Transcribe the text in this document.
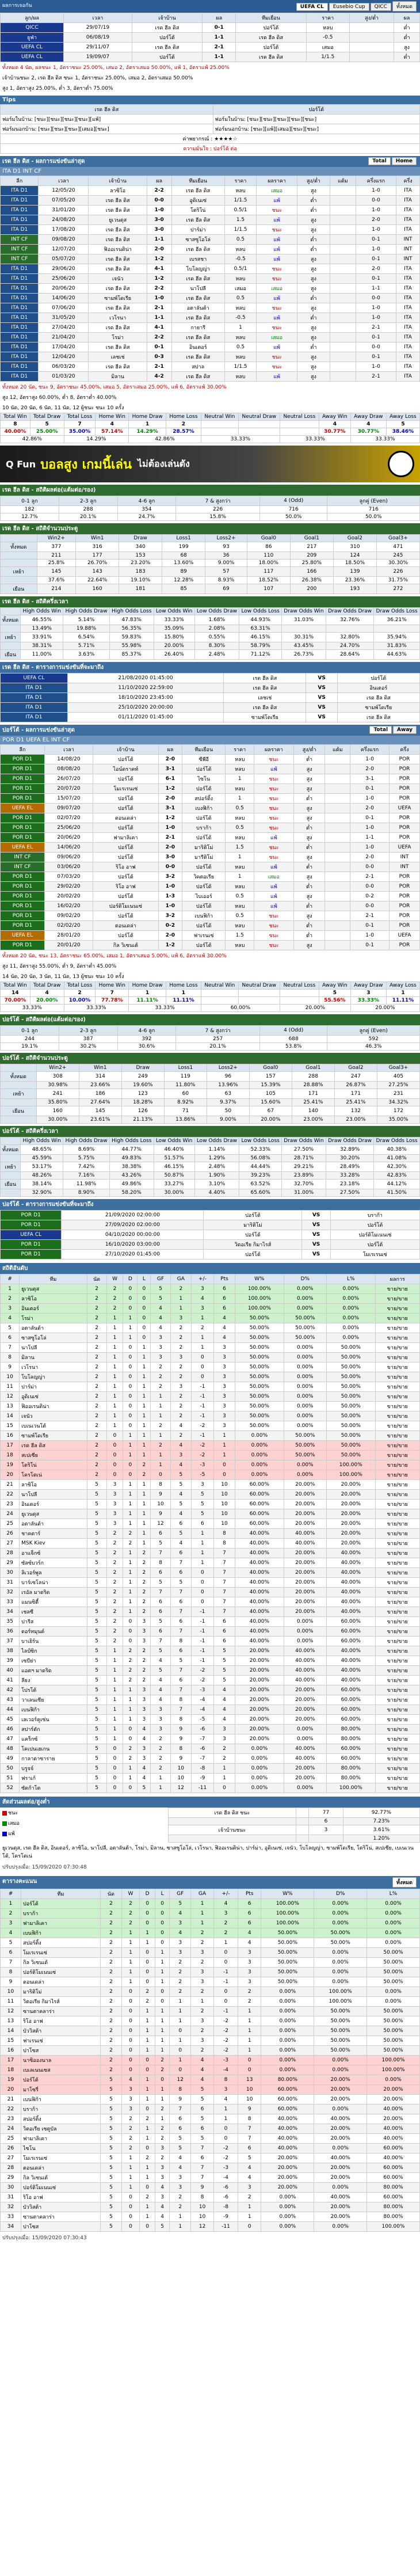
ผลการเจอกัน	UEFA CL Eusebio Cup QICC ทั้งหมด
ลูก/ผล	เวลา	เจ้าบ้าน	ผล	ทีมเยือน	ราคา	สูง/ต่ำ	ผล
QICC	29/07/19	เรด ฮีล ดิส	0-1	ปอร์โต้	หลบ		ต่ำ
ยูฟ่า	06/08/19	ปอร์โต้	1-1	เรด ฮีล ดิส	-0.5		ต่ำ
UEFA CL	29/11/07	เรด ฮีล ดิส	2-1	ปอร์โต้	เสมอ		สูง
UEFA CL	19/09/07	ปอร์โต้	1-1	เรด ฮีล ดิส	1/1.5		ต่ำ
ทั้งหมด 4 นัด, ผลชนะ 1, อัตราชนะ 25.00%, เสมอ 2, อัตราเสมอ 50.00%, แพ้ 1, อัตราแพ้ 25.00%
เจ้าบ้านชนะ 2, เรด ฮีล ดิส ชนะ 1, อัตราชนะ 25.00%, เสมอ 2, อัตราเสมอ 50.00%
สูง 1, อัตราสูง 25.00%, ต่ำ 3, อัตราต่ำ 75.00%
Tips
เรด ฮีล ดิส	ปอร์โต้
ฟอร์มในบ้าน: [ชนะ][ชนะ][ชนะ][ชนะ][แพ้]	ฟอร์มในบ้าน: [ชนะ][ชนะ][ชนะ][ชนะ][ชนะ]
ฟอร์มนอกบ้าน: [ชนะ][ชนะ][ชนะ][เสมอ][ชนะ]	ฟอร์มนอกบ้าน: [ชนะ][แพ้][เสมอ][ชนะ][ชนะ]
ค่าพยากรณ์ : ★★★★☆	
ความมั่นใจ : ปอร์โต้ ต่อ	
เรด ฮีล ดิส - ผลการแข่งขันล่าสุด	Total Home
ITA D1 INT CF
ลีก	เวลา	เจ้าบ้าน	ผล	ทีมเยือน	ราคา	ผลราคา	สูง/ต่ำ	แต้ม	ครึ่งแรก	ครึ่ง
ITA D1	12/05/20	ลาซิโอ	2-2	เรด ฮีล ดิส	หลบ	เสมอ	สูง		1-0	ITA
ITA D1	07/05/20	เรด ฮีล ดิส	0-0	อูดิเนเซ่	1/1.5	แพ้	ต่ำ		0-0	ITA
ITA D1	31/01/20	เรด ฮีล ดิส	1-0	โตริโน่	0.5/1	ชนะ	ต่ำ		1-0	ITA
ITA D1	24/08/20	ยูเวนตุส	3-0	เรด ฮีล ดิส	1.5	แพ้	สูง		2-0	ITA
ITA D1	17/08/20	เรด ฮีล ดิส	3-0	ปาร์ม่า	1/1.5	ชนะ	สูง		1-0	ITA
INT CF	09/08/20	เรด ฮีล ดิส	1-1	ซาสซูโอโล่	0.5	แพ้	ต่ำ		0-1	INT
INT CF	12/07/20	ฟิออเรนติน่า	2-0	เรด ฮีล ดิส	หลบ	แพ้	ต่ำ		1-0	INT
INT CF	05/07/20	เรด ฮีล ดิส	1-2	เบรสชา	-0.5	แพ้	สูง		0-1	INT
ITA D1	29/06/20	เรด ฮีล ดิส	4-1	โบโลญญ่า	0.5/1	ชนะ	สูง		2-0	ITA
ITA D1	25/06/20	เจนัว	1-2	เรด ฮีล ดิส	หลบ	ชนะ	สูง		0-1	ITA
ITA D1	20/06/20	เรด ฮีล ดิส	2-2	นาโปลี	เสมอ	เสมอ	สูง		1-1	ITA
ITA D1	14/06/20	ซามพ์โดเรีย	1-0	เรด ฮีล ดิส	0.5	แพ้	ต่ำ		0-0	ITA
ITA D1	07/06/20	เรด ฮีล ดิส	2-1	อตาลันต้า	หลบ	ชนะ	สูง		1-0	ITA
ITA D1	31/05/20	เวโรนา	1-1	เรด ฮีล ดิส	-0.5	แพ้	ต่ำ		1-0	ITA
ITA D1	27/04/20	เรด ฮีล ดิส	4-1	กายารี	1	ชนะ	สูง		2-1	ITA
ITA D1	21/04/20	โรม่า	2-2	เรด ฮีล ดิส	หลบ	เสมอ	สูง		0-1	ITA
ITA D1	17/04/20	เรด ฮีล ดิส	0-1	อินเตอร์	0.5	แพ้	ต่ำ		0-0	ITA
ITA D1	12/04/20	เลชเช่	0-3	เรด ฮีล ดิส	หลบ	ชนะ	สูง		0-1	ITA
ITA D1	06/03/20	เรด ฮีล ดิส	2-1	สปาล	1/1.5	ชนะ	สูง		1-0	ITA
ITA D1	01/03/20	มิลาน	4-2	เรด ฮีล ดิส	หลบ	แพ้	สูง		2-1	ITA
ทั้งหมด 20 นัด, ชนะ 9, อัตราชนะ 45.00%, เสมอ 5, อัตราเสมอ 25.00%, แพ้ 6, อัตราแพ้ 30.00%
สูง 12, อัตราสูง 60.00%, ต่ำ 8, อัตราต่ำ 40.00%
10 นัด, 20 นัด, 6 นัด, 11 นัด, 12 ผู้ชนะ ชนะ 10 ครั้ง
Total Win	Total Draw	Total Loss	Home Win	Home Draw	Home Loss	Neutral Win	Neutral Draw	Neutral Loss	Away Win	Away Draw	Away Loss
8	5	7	4	1	2				4	4	5
40.00%	25.00%	35.00%	57.14%	14.29%	28.57%				30.77%	30.77%	38.46%
42.86%		14.29%		42.86%		33.33%		33.33%		33.33%	
Q Fun บอลสูง เกมนี้เล่น ไม่ต้องเล่นตัง
เรด ฮีล ดิส - สถิติผลต่อ(แต้มต่อ/รอง)
0-1 ลูก	2-3 ลูก	4-6 ลูก	7 & สูงกว่า	4 (Odd)	ลูกคู่ (Even)
182	288	354	226	716	716
12.7%	20.1%	24.7%	15.8%	50.0%	50.0%
เรด ฮีล ดิส - สถิติจำนวนประตู
	Win2+	Win1	Draw	Loss1	Loss2+	Goal0	Goal1	Goal2	Goal3+
ทั้งหมด	377	316	340	199	93	86	217	310	471
	211	177	153	68	36	110	209	124	245
	25.8%	26.70%	23.20%	13.60%	9.00%	18.00%	25.80%	18.50%	30.30%
เหย้า	145	143	183	89	57	117	166	139	226
	37.6%	22.64%	19.10%	12.28%	8.93%	18.52%	26.38%	23.36%	31.75%
เยือน	214	160	181	85	69	107	200	193	272
เรด ฮีล ดิส - สถิติครึ่งเวลา
	High Odds Win	High Odds Draw	High Odds Loss	Low Odds Win	Low Odds Draw	Low Odds Loss	Draw Odds Win	Draw Odds Draw	Draw Odds Loss
ทั้งหมด	46.55%	5.14%	47.83%	33.33%	1.68%	44.93%	31.03%	32.76%	36.21%
	13.49%	19.88%	56.35%	35.09%	2.08%	63.31%			
เหย้า	33.91%	6.54%	59.83%	15.80%	0.55%	46.15%	30.31%	32.80%	35.94%
	38.31%	5.71%	55.98%	20.00%	8.30%	58.79%	43.45%	24.70%	31.83%
เยือน	11.00%	3.63%	85.37%	26.40%	2.48%	71.12%	26.73%	28.64%	44.63%
เรด ฮีล ดิส - ตารางการแข่งขันที่จะมาถึง
UEFA CL	21/08/2020 01:45:00	เรด ฮีล ดิส	VS	ปอร์โต้
ITA D1	11/10/2020 22:59:00	เรด ฮีล ดิส	VS	อินเตอร์
ITA D1	18/10/2020 23:45:00	เลชเช่	VS	เรด ฮีล ดิส
ITA D1	25/10/2020 20:00:00	เรด ฮีล ดิส	VS	ซามพ์โดเรีย
ITA D1	01/11/2020 01:45:00	ซามพ์โดเรีย	VS	เรด ฮีล ดิส
ปอร์โต้ - ผลการแข่งขันล่าสุด	Total Away
POR D1 UEFA EL INT CF
ลีก	เวลา	เจ้าบ้าน	ผล	ทีมเยือน	ราคา	ผลราคา	สูง/ต่ำ	แต้ม	ครึ่งแรก	ครึ่ง
POR D1	14/08/20	ปอร์โต้	2-0	ซีพีอี	หลบ	ชนะ	ต่ำ		1-0	POR
POR D1	08/08/20	ไอน์ตราคท์	3-1	ปอร์โต้	หลบ	แพ้	สูง		2-0	POR
POR D1	26/07/20	ปอร์โต้	6-1	ไซโน	1	ชนะ	สูง		3-1	POR
POR D1	20/07/20	โมเรเรนเซ่	1-2	ปอร์โต้	หลบ	ชนะ	สูง		0-1	POR
POR D1	15/07/20	ปอร์โต้	2-0	สปอร์ติ้ง	1	ชนะ	ต่ำ		1-0	POR
UEFA EL	09/07/20	ปอร์โต้	3-1	เบงฟิก้า	0.5	ชนะ	สูง		2-0	UEFA
POR D1	02/07/20	ตอนเดล่า	1-2	ปอร์โต้	หลบ	ชนะ	สูง		0-1	POR
POR D1	25/06/20	ปอร์โต้	1-0	บราก้า	0.5	ชนะ	ต่ำ		1-0	POR
POR D1	20/06/20	ฟามาลิเคา	2-1	ปอร์โต้	หลบ	แพ้	สูง		1-1	POR
UEFA EL	14/06/20	ปอร์โต้	2-0	มาริติโม่	1.5	ชนะ	ต่ำ		1-0	UEFA
INT CF	09/06/20	ปอร์โต้	3-0	มารีติโม่	1	ชนะ	สูง		2-0	INT
INT CF	03/06/20	ริโอ อาฟ	0-0	ปอร์โต้	หลบ	แพ้	ต่ำ		0-0	INT
POR D1	07/03/20	ปอร์โต้	3-2	วิคตอเรีย	1	เสมอ	สูง		2-1	POR
POR D1	29/02/20	ริโอ อาฟ	1-0	ปอร์โต้	หลบ	แพ้	ต่ำ		0-0	POR
POR D1	20/02/20	ปอร์โต้	1-3	ไบเออร์	0.5	แพ้	สูง		0-2	POR
POR D1	16/02/20	ปอร์ติโมเนนเซ่	1-0	ปอร์โต้	หลบ	แพ้	ต่ำ		0-0	POR
POR D1	09/02/20	ปอร์โต้	3-2	เบนฟิก้า	0.5	ชนะ	สูง		2-1	POR
POR D1	02/02/20	ตอนเดล่า	0-2	ปอร์โต้	หลบ	ชนะ	ต่ำ		0-1	POR
UEFA EL	28/01/20	ปอร์โต้	2-0	ฟาเรนเซ่	1.5	ชนะ	ต่ำ		1-0	UEFA
POR D1	20/01/20	กิล วิเซนเต้	1-2	ปอร์โต้	หลบ	ชนะ	สูง		0-1	POR
ทั้งหมด 20 นัด, ชนะ 13, อัตราชนะ 65.00%, เสมอ 1, อัตราเสมอ 5.00%, แพ้ 6, อัตราแพ้ 30.00%
สูง 11, อัตราสูง 55.00%, ต่ำ 9, อัตราต่ำ 45.00%
14 นัด, 20 นัด, 3 นัด, 11 นัด, 13 ผู้ชนะ ชนะ 10 ครั้ง
Total Win	Total Draw	Total Loss	Home Win	Home Draw	Home Loss	Neutral Win	Neutral Draw	Neutral Loss	Away Win	Away Draw	Away Loss
14	4	2	7	1	1				5	3	1
70.00%	20.00%	10.00%	77.78%	11.11%	11.11%				55.56%	33.33%	11.11%
33.33%		33.33%		33.33%		60.00%		20.00%		20.00%	
ปอร์โต้ - สถิติผลต่อ(แต้มต่อ/รอง)
0-1 ลูก	2-3 ลูก	4-6 ลูก	7 & สูงกว่า	4 (Odd)	ลูกคู่ (Even)
244	387	392	257	688	592
19.1%	30.2%	30.6%	20.1%	53.8%	46.3%
ปอร์โต้ - สถิติจำนวนประตู
	Win2+	Win1	Draw	Loss1	Loss2+	Goal0	Goal1	Goal2	Goal3+
ทั้งหมด	308	314	249	119	96	157	288	247	405
	30.98%	23.66%	19.60%	11.80%	13.96%	15.39%	28.88%	26.87%	27.25%
เหย้า	241	186	123	60	63	105	171	171	231
	35.80%	27.64%	18.28%	8.92%	9.37%	15.60%	25.41%	25.41%	34.32%
เยือน	160	145	126	71	50	67	140	132	172
	30.00%	23.61%	21.13%	13.86%	9.00%	20.00%	23.00%	23.00%	35.00%
ปอร์โต้ - สถิติครึ่งเวลา
	High Odds Win	High Odds Draw	High Odds Loss	Low Odds Win	Low Odds Draw	Low Odds Loss	Draw Odds Win	Draw Odds Draw	Draw Odds Loss
ทั้งหมด	48.65%	8.69%	44.77%	46.40%	1.14%	52.33%	27.50%	32.89%	40.38%
	45.59%	5.75%	49.83%	51.57%	1.29%	56.08%	28.71%	30.20%	41.08%
เหย้า	53.17%	7.42%	38.38%	46.15%	2.48%	44.44%	29.21%	28.49%	42.30%
	48.26%	7.16%	43.26%	50.87%	1.90%	39.23%	23.89%	33.28%	42.83%
เยือน	38.14%	11.98%	49.86%	33.27%	3.10%	63.52%	32.70%	23.18%	44.12%
	32.90%	8.90%	58.20%	30.00%	4.40%	65.60%	31.00%	27.50%	41.50%
ปอร์โต้ - ตารางการแข่งขันที่จะมาถึง
POR D1	21/09/2020 02:00:00	ปอร์โต้	VS	บราก้า
POR D1	27/09/2020 02:00:00	มาริติโม่	VS	ปอร์โต้
UEFA CL	04/10/2020 00:00:00	ปอร์โต้	VS	ปอร์ติโมเนนเซ่
POR D1	16/10/2020 03:00:00	วิตอเรีย กิมาไรส์	VS	ปอร์โต้
POR D1	27/10/2020 01:45:00	ปอร์โต้	VS	โมเรเรนเซ่
สถิติอันดับ
#	ทีม	นัด	W	D	L	GF	GA	+/-	Pts	W%	D%	L%	ผลการ
1	ยูเวนตุส	2	2	0	0	5	2	3	6	100.00%	0.00%	0.00%	ขาย/ขาย
2	ลาซิโอ	2	2	0	0	5	1	4	6	100.00%	0.00%	0.00%	ขาย/ขาย
3	อินเตอร์	2	2	0	0	4	1	3	6	100.00%	0.00%	0.00%	ขาย/ขาย
4	โรม่า	2	1	1	0	4	3	1	4	50.00%	50.00%	0.00%	ขาย/ขาย
5	อตาลันต้า	2	1	1	0	4	2	2	4	50.00%	50.00%	0.00%	ขาย/ขาย
6	ซาสซูโอโล่	2	1	1	0	3	2	1	4	50.00%	50.00%	0.00%	ขาย/ขาย
7	นาโปลี	2	1	0	1	3	2	1	3	50.00%	0.00%	50.00%	ขาย/ขาย
8	มิลาน	2	1	0	1	3	3	0	3	50.00%	0.00%	50.00%	ขาย/ขาย
9	เวโรนา	2	1	0	1	2	2	0	3	50.00%	0.00%	50.00%	ขาย/ขาย
10	โบโลญญ่า	2	1	0	1	2	2	0	3	50.00%	0.00%	50.00%	ขาย/ขาย
11	ปาร์ม่า	2	1	0	1	2	3	-1	3	50.00%	0.00%	50.00%	ขาย/ขาย
12	อูดิเนเซ่	2	1	0	1	1	2	-1	3	50.00%	0.00%	50.00%	ขาย/ขาย
13	ฟิออเรนติน่า	2	1	0	1	1	2	-1	3	50.00%	0.00%	50.00%	ขาย/ขาย
14	เจนัว	2	1	0	1	1	2	-1	3	50.00%	0.00%	50.00%	ขาย/ขาย
15	เบเนเวนโต้	2	1	0	1	2	4	-2	3	50.00%	0.00%	50.00%	ขาย/ขาย
16	ซามพ์โดเรีย	2	0	1	1	1	2	-1	1	0.00%	50.00%	50.00%	ขาย/ขาย
17	เรด ฮีล ดิส	2	0	1	1	2	4	-2	1	0.00%	50.00%	50.00%	ขาย/ขาย
18	สเปเซีย	2	0	1	1	1	3	-2	1	0.00%	50.00%	50.00%	ขาย/ขาย
19	โตริโน่	2	0	0	2	1	4	-3	0	0.00%	0.00%	100.00%	ขาย/ขาย
20	โครโตเน่	2	0	0	2	0	5	-5	0	0.00%	0.00%	100.00%	ขาย/ขาย
21	ลาซิโอ	5	3	1	1	8	5	3	10	60.00%	20.00%	20.00%	ขาย/ขาย
22	นาโปลี	5	3	1	1	9	4	5	10	60.00%	20.00%	20.00%	ขาย/ขาย
23	อินเตอร์	5	3	1	1	10	5	5	10	60.00%	20.00%	20.00%	ขาย/ขาย
24	ยูเวนตุส	5	3	1	1	9	4	5	10	60.00%	20.00%	20.00%	ขาย/ขาย
25	อตาลันต้า	5	3	1	1	12	6	6	10	60.00%	20.00%	20.00%	ขาย/ขาย
26	ชาคตาร์	5	2	2	1	6	5	1	8	40.00%	40.00%	20.00%	ขาย/ขาย
27	MSK Kiev	5	2	2	1	5	4	1	8	40.00%	40.00%	20.00%	ขาย/ขาย
28	อาแจ็กซ์	5	2	1	2	7	6	1	7	40.00%	20.00%	40.00%	ขาย/ขาย
29	ซัลซ์บวร์ก	5	2	1	2	8	7	1	7	40.00%	20.00%	40.00%	ขาย/ขาย
30	ลิเวอร์พูล	5	2	1	2	6	6	0	7	40.00%	20.00%	40.00%	ขาย/ขาย
31	บาร์เซโลน่า	5	2	1	2	5	5	0	7	40.00%	20.00%	40.00%	ขาย/ขาย
32	เรอัล มาดริด	5	2	1	2	7	7	0	7	40.00%	20.00%	40.00%	ขาย/ขาย
33	แมนซิตี้	5	2	1	2	6	6	0	7	40.00%	20.00%	40.00%	ขาย/ขาย
34	เชลซี	5	2	1	2	6	7	-1	7	40.00%	20.00%	40.00%	ขาย/ขาย
35	ปารีส	5	2	0	3	5	6	-1	6	40.00%	0.00%	60.00%	ขาย/ขาย
36	ดอร์ทมุนด์	5	2	0	3	6	7	-1	6	40.00%	0.00%	60.00%	ขาย/ขาย
37	บาเยิร์น	5	2	0	3	7	8	-1	6	40.00%	0.00%	60.00%	ขาย/ขาย
38	ไลป์ซิก	5	1	2	2	5	6	-1	5	20.00%	40.00%	40.00%	ขาย/ขาย
39	เซบีย่า	5	1	2	2	4	5	-1	5	20.00%	40.00%	40.00%	ขาย/ขาย
40	แอตฯ มาดริด	5	1	2	2	5	7	-2	5	20.00%	40.00%	40.00%	ขาย/ขาย
41	ลียง	5	1	2	2	4	6	-2	5	20.00%	40.00%	40.00%	ขาย/ขาย
42	โปรโต้	5	1	1	3	4	7	-3	4	20.00%	20.00%	60.00%	ขาย/ขาย
43	วาเลนเซีย	5	1	1	3	4	8	-4	4	20.00%	20.00%	60.00%	ขาย/ขาย
44	เบนฟิก้า	5	1	1	3	3	7	-4	4	20.00%	20.00%	60.00%	ขาย/ขาย
45	เลเวอร์คูเซ่น	5	1	1	3	3	8	-5	4	20.00%	20.00%	60.00%	ขาย/ขาย
46	สปาร์ตัก	5	1	0	4	3	9	-6	3	20.00%	0.00%	80.00%	ขาย/ขาย
47	แคร็กซ์	5	1	0	4	2	9	-7	3	20.00%	0.00%	80.00%	ขาย/ขาย
48	โคเปนเฮเกน	5	0	2	3	2	8	-6	2	0.00%	40.00%	60.00%	ขาย/ขาย
49	กาลาตาซาราย	5	0	2	3	2	9	-7	2	0.00%	40.00%	60.00%	ขาย/ขาย
50	บรูจจ์	5	0	1	4	2	10	-8	1	0.00%	20.00%	80.00%	ขาย/ขาย
51	ฟราเก้	5	0	1	4	1	10	-9	1	0.00%	20.00%	80.00%	ขาย/ขาย
52	ซัดก้าโต	5	0	0	5	1	12	-11	0	0.00%	0.00%	100.00%	ขาย/ขาย
สัดส่วนผลต่อ/สูงต่ำ
ชนะ
เสมอ
แพ้
เรด ฮีล ดิส ชนะ		77	92.77%
		6	7.23%
เจ้าบ้านชนะ		3	3.61%
			1.20%
ยูเวนตุส, เรด ฮีล ดิส, อินเตอร์, ลาซิโอ, นาโปลี, อตาลันต้า, โรม่า, มิลาน, ซาสซูโอโล่, เวโรนา, ฟิออเรนติน่า, ปาร์ม่า, อูดิเนเซ่, เจนัว, โบโลญญ่า, ซามพ์โดเรีย, โตริโน่, สเปเซีย, เบเนเวนโต้, โครโตเน่
ปรับปรุงเมื่อ: 15/09/2020 07:30:48
ตารางคะแนน	ทั้งหมด
#	ทีม	นัด	W	D	L	GF	GA	+/-	Pts	W%	D%	L%
1	ปอร์โต้	2	2	0	0	5	1	4	6	100.00%	0.00%	0.00%
2	บราก้า	2	2	0	0	4	1	3	6	100.00%	0.00%	0.00%
3	ฟามาลิเคา	2	2	0	0	3	1	2	6	100.00%	0.00%	0.00%
4	เบนฟิก้า	2	1	1	0	4	2	2	4	50.00%	50.00%	0.00%
5	สปอร์ติ้ง	2	1	1	0	3	2	1	4	50.00%	50.00%	0.00%
6	โมเรเรนเซ่	2	1	0	1	3	3	0	3	50.00%	0.00%	50.00%
7	กิล วิเซนเต้	2	1	0	1	2	2	0	3	50.00%	0.00%	50.00%
8	ปอร์ติโมเนนเซ่	2	1	0	1	2	3	-1	3	50.00%	0.00%	50.00%
9	ตอนเดล่า	2	1	0	1	2	3	-1	3	50.00%	0.00%	50.00%
10	มาริติโม่	2	0	2	0	2	2	0	2	0.00%	100.00%	0.00%
11	วิตอเรีย กิมาไรส์	2	0	2	0	1	1	0	2	0.00%	100.00%	0.00%
12	ซานตาคลาร่า	2	0	1	1	1	2	-1	1	0.00%	50.00%	50.00%
13	ริโอ อาฟ	2	0	1	1	1	3	-2	1	0.00%	50.00%	50.00%
14	บัววิสต้า	2	0	1	1	0	2	-2	1	0.00%	50.00%	50.00%
15	ฟาเรนเซ่	2	0	1	1	1	3	-2	1	0.00%	50.00%	50.00%
16	ปาโซส	2	0	1	1	0	2	-2	1	0.00%	50.00%	50.00%
17	นาซิอองนาล	2	0	0	2	1	4	-3	0	0.00%	0.00%	100.00%
18	เบเลเนนเซส	2	0	0	2	0	4	-4	0	0.00%	0.00%	100.00%
19	ปอร์โต้	5	4	1	0	12	4	8	13	80.00%	20.00%	0.00%
20	มาโซรี่	5	3	1	1	8	5	3	10	60.00%	20.00%	20.00%
21	เบนฟิก้า	5	3	1	1	9	5	4	10	60.00%	20.00%	20.00%
22	บราก้า	5	3	0	2	7	6	1	9	60.00%	0.00%	40.00%
23	สปอร์ติ้ง	5	2	2	1	6	5	1	8	40.00%	40.00%	20.00%
24	วิตอเรีย เซตูบัล	5	2	1	2	6	6	0	7	40.00%	20.00%	40.00%
25	ฟามาลิเคา	5	2	1	2	5	5	0	7	40.00%	20.00%	40.00%
26	ไซโน	5	2	0	3	5	7	-2	6	40.00%	0.00%	60.00%
27	โมเรเรนเซ่	5	1	2	2	4	6	-2	5	20.00%	40.00%	40.00%
28	ตอนเดล่า	5	1	1	3	4	7	-3	4	20.00%	20.00%	60.00%
29	กิล วิเซนเต้	5	1	1	3	3	7	-4	4	20.00%	20.00%	60.00%
30	ปอร์ติโมเนนเซ่	5	1	0	4	3	9	-6	3	20.00%	0.00%	80.00%
31	ริโอ อาฟ	5	0	2	3	2	8	-6	2	0.00%	40.00%	60.00%
32	บัววิสต้า	5	0	1	4	2	10	-8	1	0.00%	20.00%	80.00%
33	ซานตาคลาร่า	5	0	1	4	1	10	-9	1	0.00%	20.00%	80.00%
34	ปาโซส	5	0	0	5	1	12	-11	0	0.00%	0.00%	100.00%
ปรับปรุงเมื่อ: 15/09/2020 07:30:43
